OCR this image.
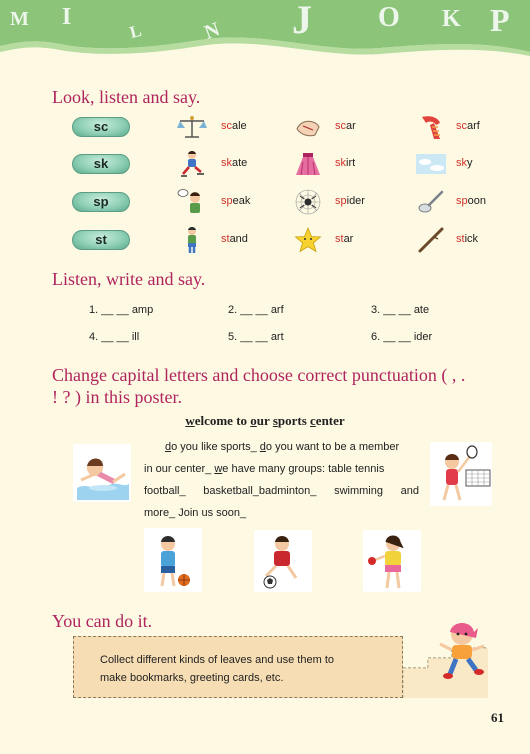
M I
L	N J O K P
Look, listen and say.
sc	scale	scar	scarf
sk	skate	skirt	sky
sp	speak	spider	spoon
st	stand	star	stick
Listen, write and say.
1. __ __ amp	2. __ __ arf	3. __ __ ate
4. __ __ ill	5. __ __ art	6. __ __ ider
Change capital letters and choose correct punctuation ( , .
! ? ) in this poster.
welcome to our sports center
do you like sports_ do you want to be a member
in our center_ we have many groups: table tennis
football_ basketball_badminton_ swimming and
more_ Join us soon_
You can do it.
Collect different kinds of leaves and use them to
make bookmarks, greeting cards, etc.
61
